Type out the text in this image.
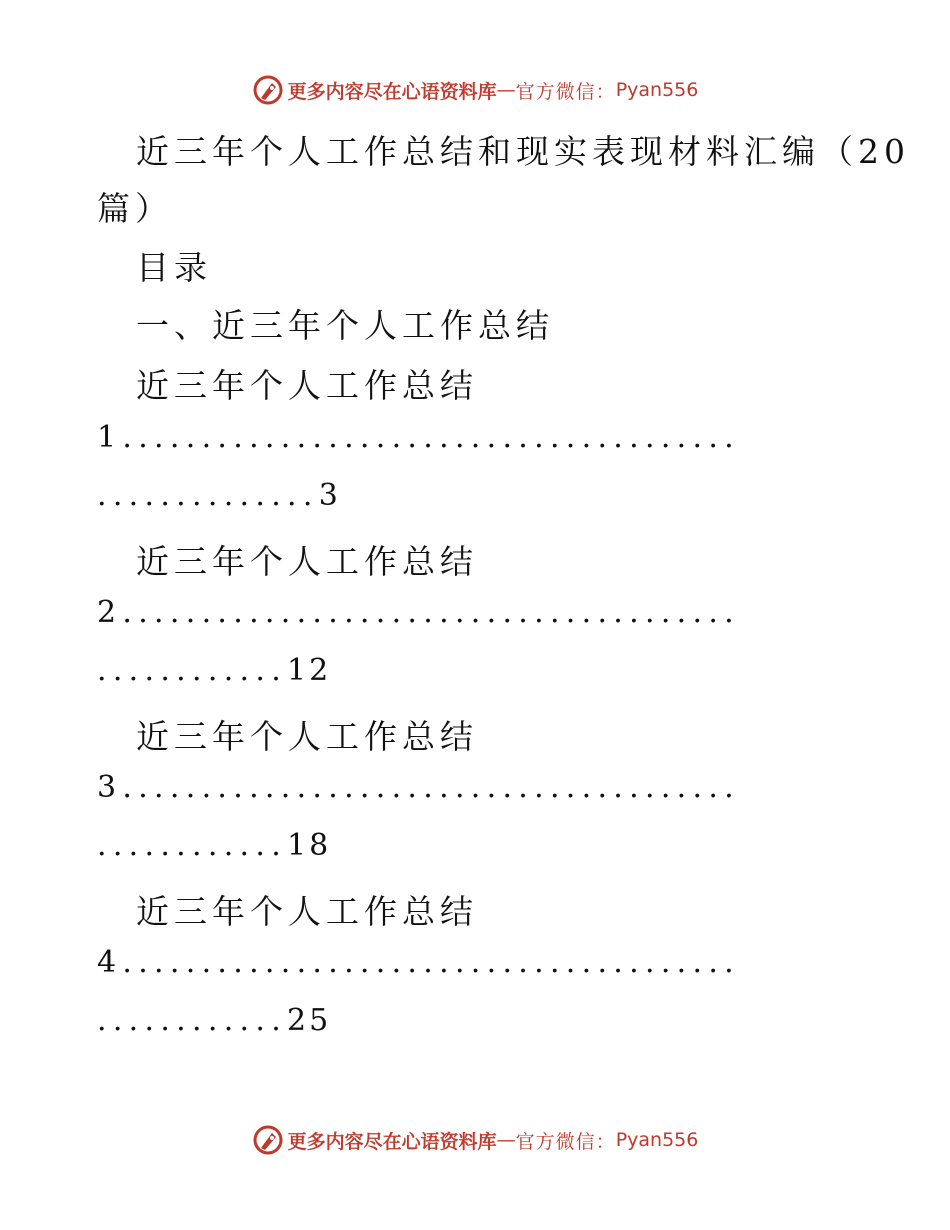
更多内容尽在心语资料库 — 官方微信： Pyan556
近三年个人工作总结和现实表现材料汇编（20
篇）
目录
一、近三年个人工作总结
近三年个人工作总结
1.......................................
..............3
近三年个人工作总结
2.......................................
............12
近三年个人工作总结
3.......................................
............18
近三年个人工作总结
4.......................................
............25
更多内容尽在心语资料库 — 官方微信： Pyan556
